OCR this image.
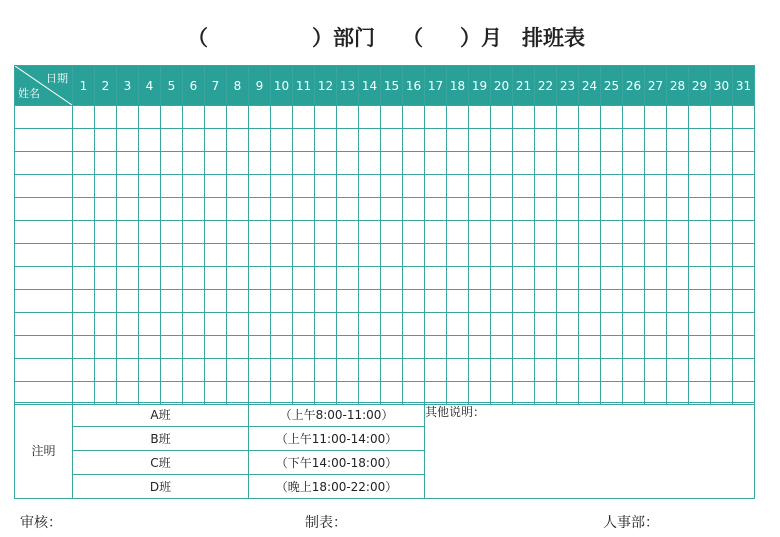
（	）部门 （ ）月 排班表
日期
姓名	1	2	3	4	5	6	7	8	9	10	11	12	13	14	15	16	17	18	19	20	21	22	23	24	25	26	27	28	29	30	31

注明	A班	（上午8:00-11:00）	其他说明：
	B班	（上午11:00-14:00）	
	C班	（下午14:00-18:00）	
	D班	（晚上18:00-22:00）	
审核：	制表：	人事部：
